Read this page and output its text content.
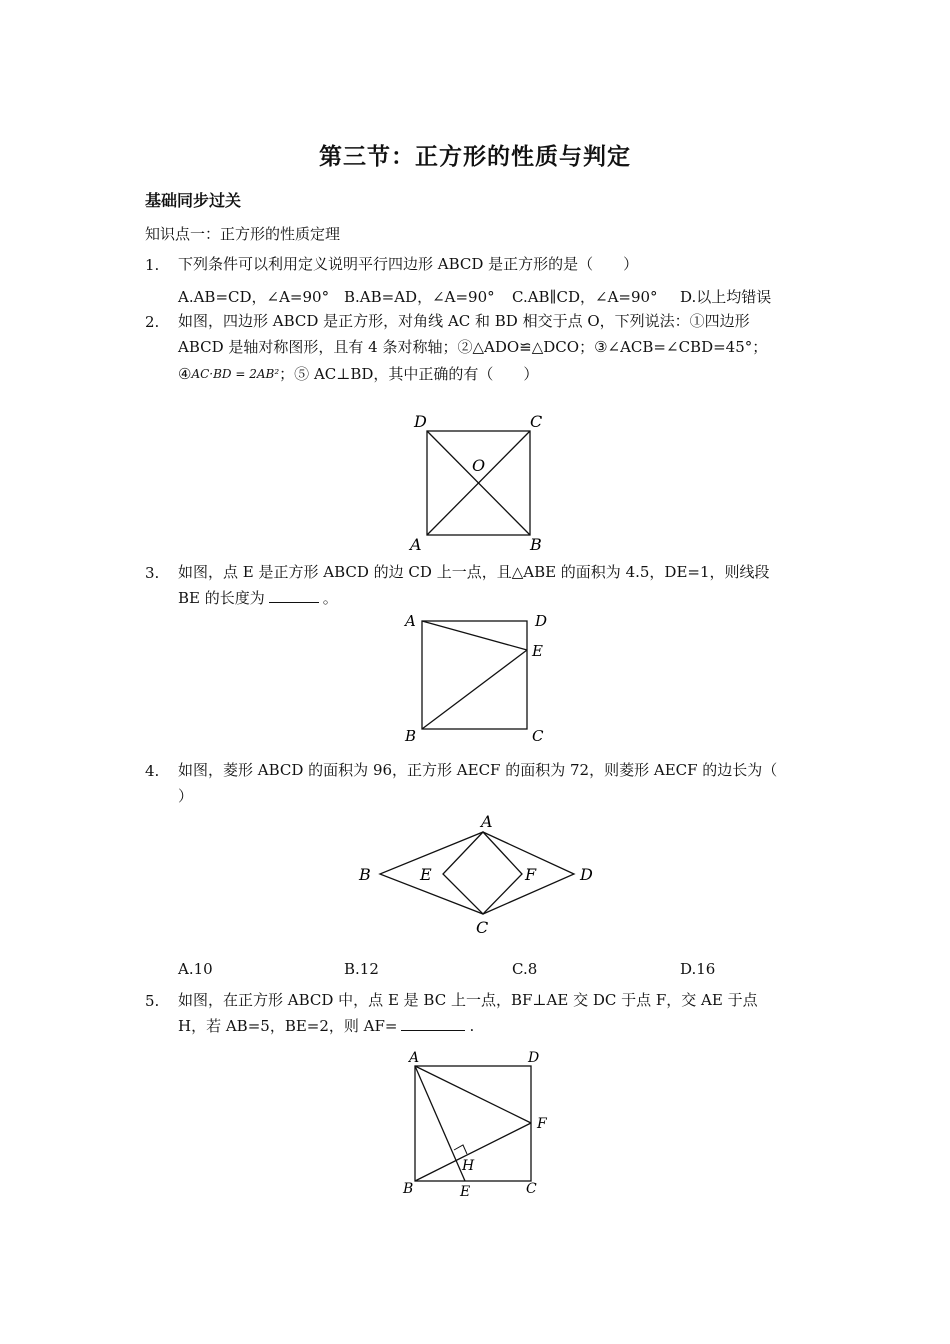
第三节：正方形的性质与判定
基础同步过关
知识点一：正方形的性质定理
1. 下列条件可以利用定义说明平行四边形 ABCD 是正方形的是（　　）
A.AB=CD，∠A=90° B.AB=AD，∠A=90° C.AB∥CD，∠A=90° D.以上均错误
2. 如图，四边形 ABCD 是正方形，对角线 AC 和 BD 相交于点 O，下列说法：①四边形
ABCD 是轴对称图形，且有 4 条对称轴；②△ADO≌△DCO；③∠ACB=∠CBD=45°；
④$^{AC\cdot BD = 2AB^2}$；⑤ AC⊥BD，其中正确的有（　　）
D	C
O
A	B
3. 如图，点 E 是正方形 ABCD 的边 CD 上一点，且△ABE 的面积为 4.5，DE=1，则线段
BE 的长度为	。
A	D
E
B	C
4. 如图，菱形 ABCD 的面积为 96，正方形 AECF 的面积为 72，则菱形 AECF 的边长为（
）
A
B	E	F	D
C
A.10	B.12	C.8	D.16
5. 如图，在正方形 ABCD 中，点 E 是 BC 上一点，BF⊥AE 交 DC 于点 F，交 AE 于点
H，若 AB=5，BE=2，则 AF=	.
A	D
F
H
B	E	C
